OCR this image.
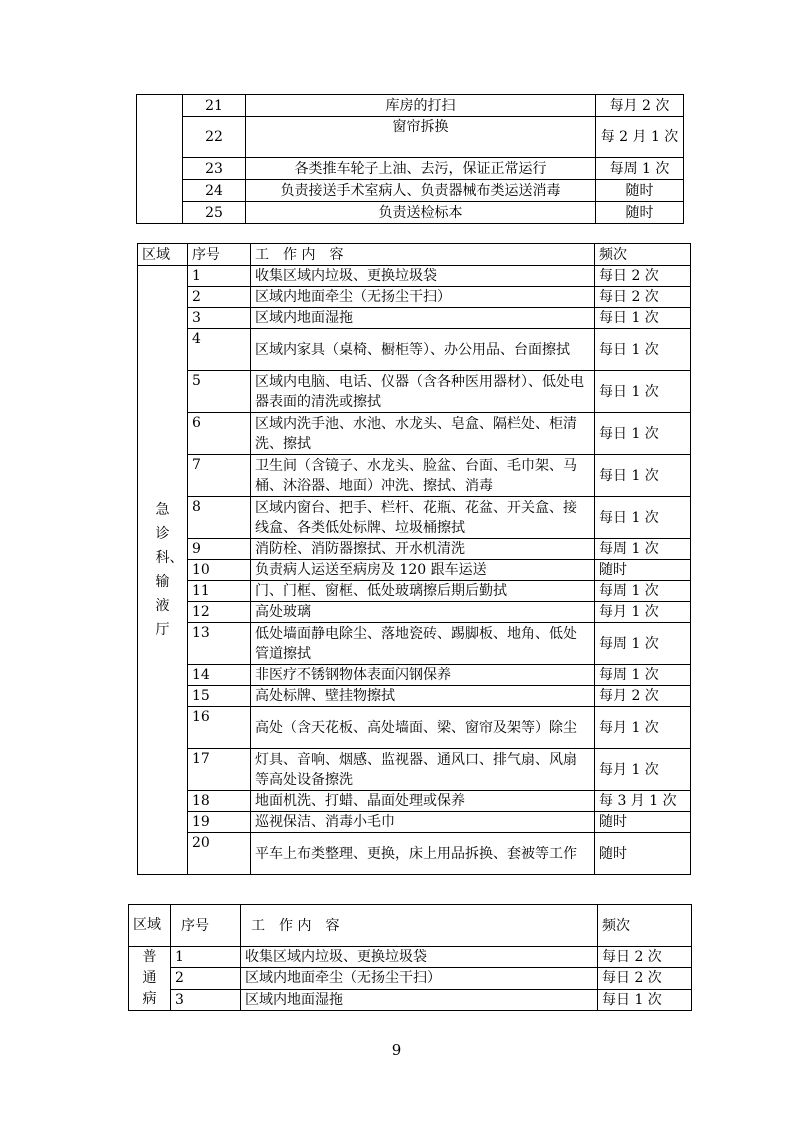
	21	库房的打扫	每月 2 次
	22	窗帘拆换	每 2 月 1 次
	23	各类推车轮子上油、去污，保证正常运行	每周 1 次
	24	负责接送手术室病人、负责器械布类运送消毒	随时
	25	负责送检标本	随时
区域	序号	工　作 内　容	频次

急诊科、输液厅	1	收集区域内垃圾、更换垃圾袋	每日 2 次
	2	区域内地面牵尘（无扬尘干扫）	每日 2 次
	3	区域内地面湿拖	每日 1 次
	4	区域内家具（桌椅、橱柜等）、办公用品、台面擦拭	每日 1 次
	5	区域内电脑、电话、仪器（含各种医用器材）、低处电器表面的清洗或擦拭	每日 1 次
	6	区域内洗手池、水池、水龙头、皂盒、隔栏处、柜清洗、擦拭	每日 1 次
	7	卫生间（含镜子、水龙头、脸盆、台面、毛巾架、马桶、沐浴器、地面）冲洗、擦拭、消毒	每日 1 次
	8	区域内窗台、把手、栏杆、花瓶、花盆、开关盒、接线盒、各类低处标牌、垃圾桶擦拭	每日 1 次
	9	消防栓、消防器擦拭、开水机清洗	每周 1 次
	10	负责病人运送至病房及 120 跟车运送	随时
	11	门、门框、窗框、低处玻璃擦后期后勤拭	每周 1 次
	12	高处玻璃	每月 1 次
	13	低处墙面静电除尘、落地瓷砖、踢脚板、地角、低处管道擦拭	每周 1 次
	14	非医疗不锈钢物体表面闪钢保养	每周 1 次
	15	高处标牌、壁挂物擦拭	每月 2 次
	16	高处（含天花板、高处墙面、梁、窗帘及架等）除尘	每月 1 次
	17	灯具、音响、烟感、监视器、通风口、排气扇、风扇等高处设备擦洗	每月 1 次
	18	地面机洗、打蜡、晶面处理或保养	每 3 月 1 次
	19	巡视保洁、消毒小毛巾	随时
	20	平车上布类整理、更换，床上用品拆换、套被等工作	随时
区域	序号	工　作 内　容	频次

普通病	1	收集区域内垃圾、更换垃圾袋	每日 2 次
	2	区域内地面牵尘（无扬尘干扫）	每日 2 次
	3	区域内地面湿拖	每日 1 次
9
